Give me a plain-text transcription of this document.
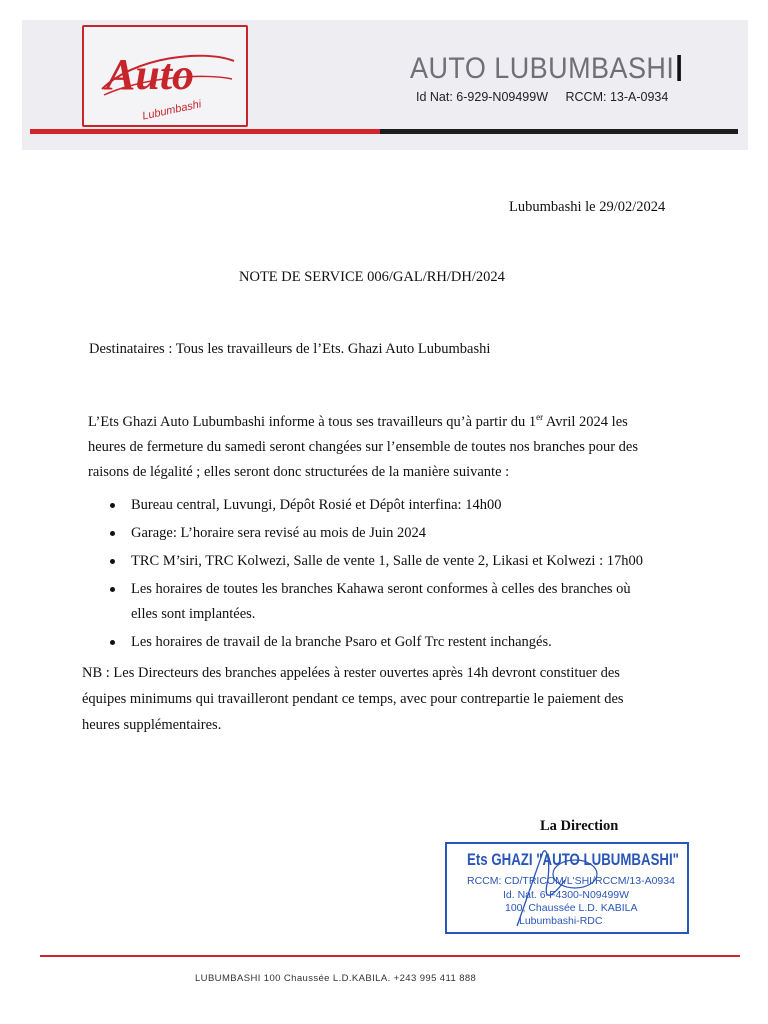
Auto
Lubumbashi
AUTO LUBUMBASHI
Id Nat: 6-929-N09499W RCCM: 13-A-0934
Lubumbashi le 29/02/2024
NOTE DE SERVICE 006/GAL/RH/DH/2024
Destinataires : Tous les travailleurs de l’Ets. Ghazi Auto Lubumbashi

L’Ets Ghazi Auto Lubumbashi informe à tous ses travailleurs qu’à partir du 1er Avril 2024 les

heures de fermeture du samedi seront changées sur l’ensemble de toutes nos branches pour des

raisons de légalité ; elles seront donc structurées de la manière suivante :

Bureau central, Luvungi, Dépôt Rosié et Dépôt interfina: 14h00
Garage: L’horaire sera revisé au mois de Juin 2024
TRC M’siri, TRC Kolwezi, Salle de vente 1, Salle de vente 2, Likasi et Kolwezi : 17h00
Les horaires de toutes les branches Kahawa seront conformes à celles des branches où
elles sont implantées.
Les horaires de travail de la branche Psaro et Golf Trc restent inchangés.

NB : Les Directeurs des branches appelées à rester ouvertes après 14h devront constituer des

équipes minimums qui travailleront pendant ce temps, avec pour contrepartie le paiement des

heures supplémentaires.

La Direction
Ets GHAZI "AUTO LUBUMBASHI"
RCCM: CD/TRICOM/L'SHI/RCCM/13-A0934
Id. Nat. 6-F4300-N09499W
100, Chaussée L.D. KABILA
Lubumbashi-RDC
LUBUMBASHI 100 Chaussée L.D.KABILA. +243 995 411 888
